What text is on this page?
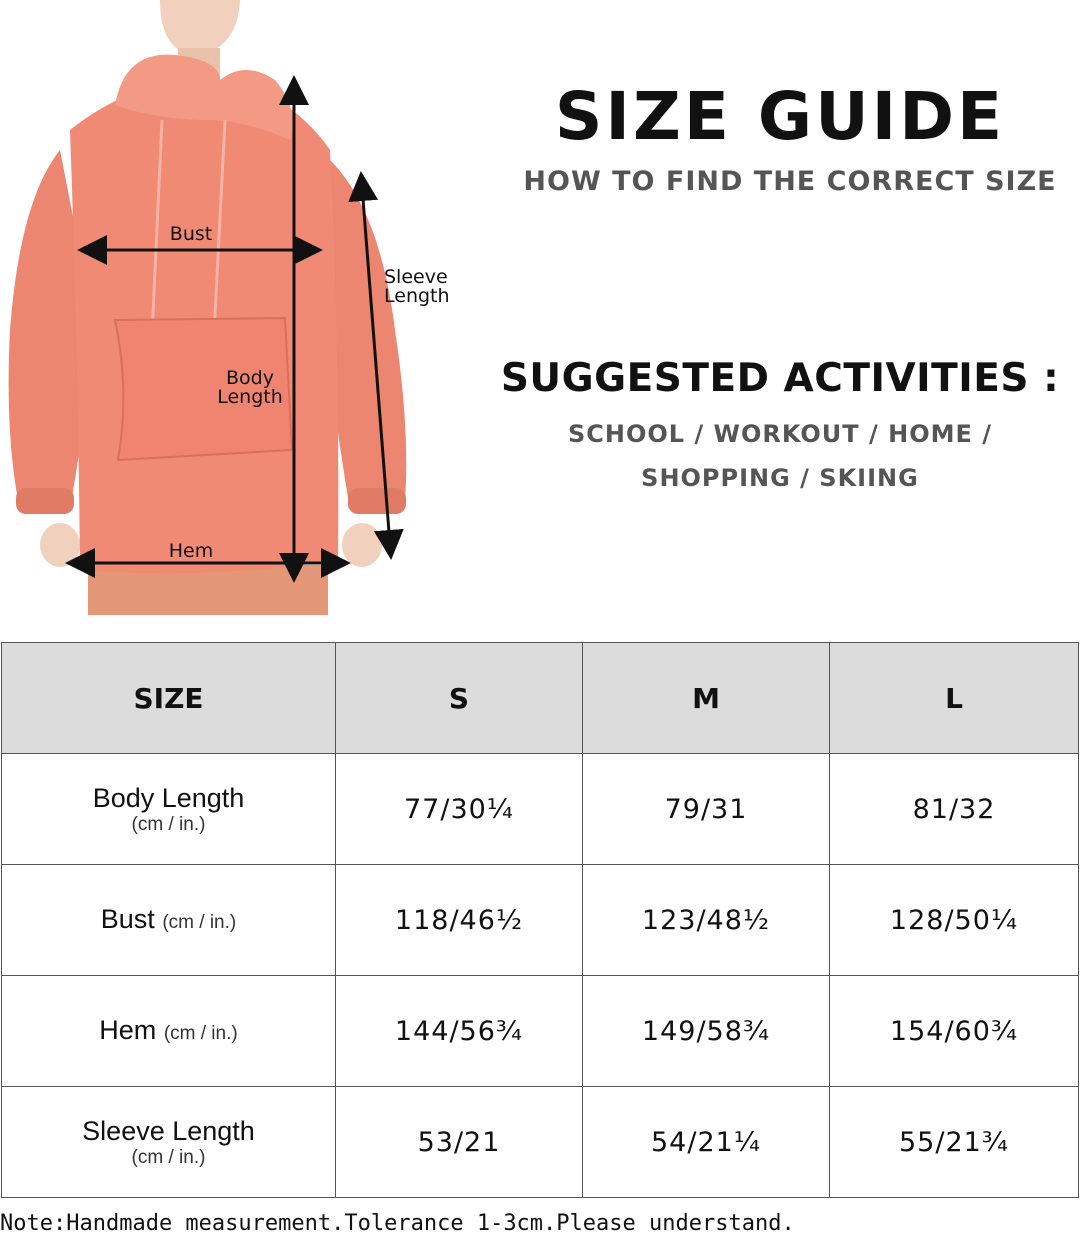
Bust
Sleeve
Length
Body
Length
Hem
SIZE GUIDE
HOW TO FIND THE CORRECT SIZE
SUGGESTED ACTIVITIES :
SCHOOL / WORKOUT / HOME /
SHOPPING / SKIING
SIZE	S	M	L

Body Length
(cm / in.)	77/30¼	79/31	81/32
Bust (cm / in.)	118/46½	123/48½	128/50¼
Hem (cm / in.)	144/56¾	149/58¾	154/60¾

Sleeve Length
(cm / in.)	53/21	54/21¼	55/21¾
Note:Handmade measurement.Tolerance 1-3cm.Please understand.
